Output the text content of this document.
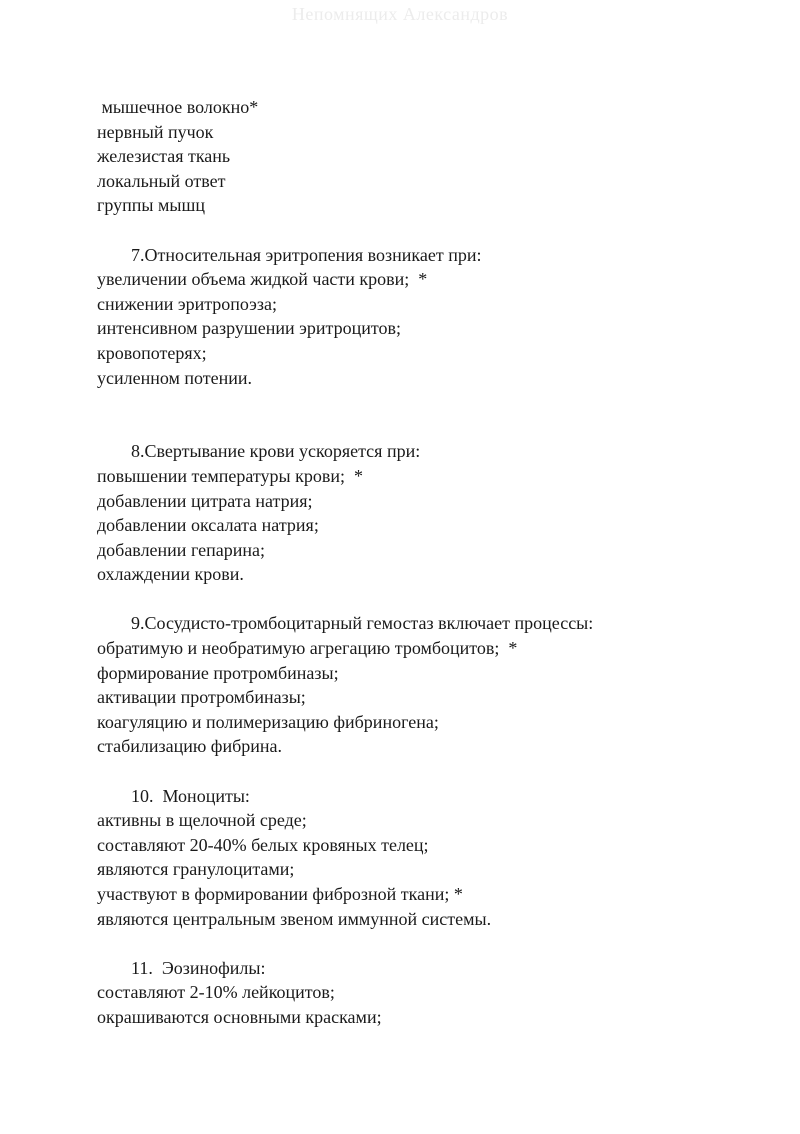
Непомнящих Александров
мышечное волокно*
нервный пучок
железистая ткань
локальный ответ
группы мышц
7.Относительная эритропения возникает при:
увеличении объема жидкой части крови;  *
снижении эритропоэза;
интенсивном разрушении эритроцитов;
кровопотерях;
усиленном потении.
8.Свертывание крови ускоряется при:
повышении температуры крови;  *
добавлении цитрата натрия;
добавлении оксалата натрия;
добавлении гепарина;
охлаждении крови.
9.Сосудисто-тромбоцитарный гемостаз включает процессы:
обратимую и необратимую агрегацию тромбоцитов;  *
формирование протромбиназы;
активации протромбиназы;
коагуляцию и полимеризацию фибриногена;
стабилизацию фибрина.
10.  Моноциты:
активны в щелочной среде;
составляют 20-40% белых кровяных телец;
являются гранулоцитами;
участвуют в формировании фиброзной ткани; *
являются центральным звеном иммунной системы.
11.  Эозинофилы:
составляют 2-10% лейкоцитов;
окрашиваются основными красками;
